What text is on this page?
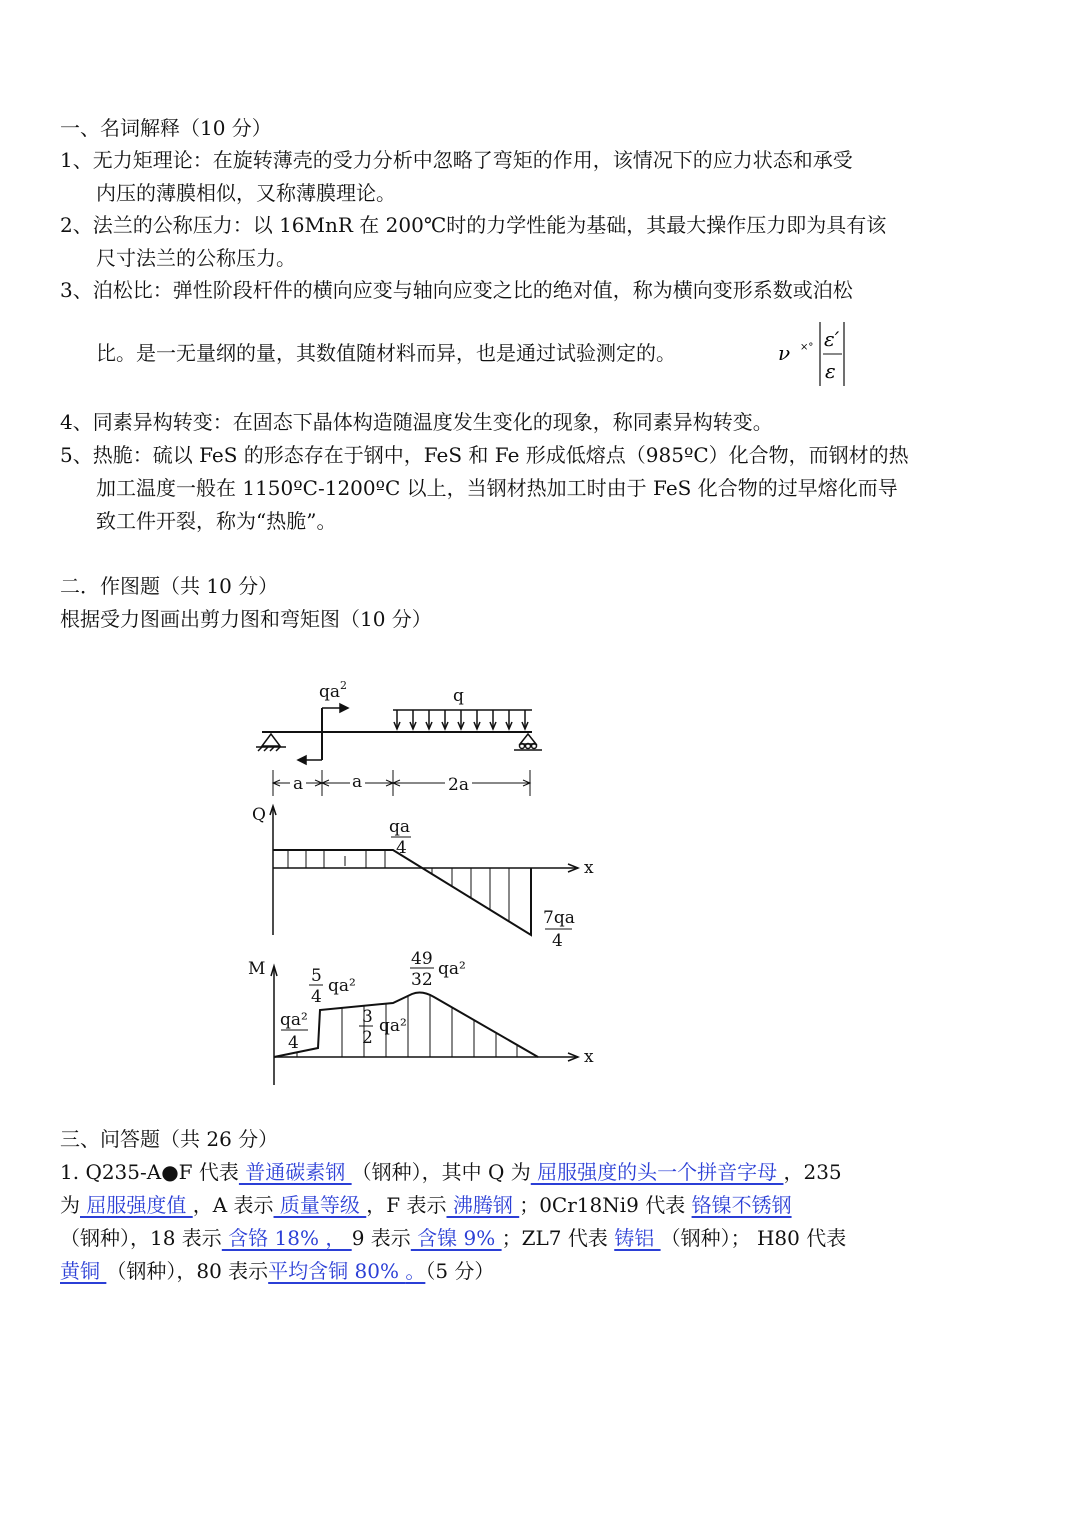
一、名词解释（10 分）
1、无力矩理论：在旋转薄壳的受力分析中忽略了弯矩的作用，该情况下的应力状态和承受
内压的薄膜相似，又称薄膜理论。
2、法兰的公称压力：以 16MnR 在 200℃时的力学性能为基础，其最大操作压力即为具有该
尺寸法兰的公称压力。
3、泊松比：弹性阶段杆件的横向应变与轴向应变之比的绝对值，称为横向变形系数或泊松
比。是一无量纲的量，其数值随材料而异，也是通过试验测定的。	ν ×° ε′
ε
4、同素异构转变：在固态下晶体构造随温度发生变化的现象，称同素异构转变。
5、热脆：硫以 FeS 的形态存在于钢中，FeS 和 Fe 形成低熔点（985ºC）化合物，而钢材的热
加工温度一般在 1150ºC-1200ºC 以上，当钢材热加工时由于 FeS 化合物的过早熔化而导
致工件开裂，称为“热脆”。
二．作图题（共 10 分）
根据受力图画出剪力图和弯矩图（10 分）
qa 2
q
a	a	2a
Q
x
qa
4
7qa
4
M
x
qa²
4
5
4
qa²
3
2
qa²
49
32
qa²
三、问答题（共 26 分）
1. Q235-A●F 代表 普通碳素钢 （钢种），其中 Q 为 屈服强度的头一个拼音字母 ，235
为 屈服强度值 ，A 表示 质量等级 ，F 表示 沸腾钢 ；0Cr18Ni9 代表 铬镍不锈钢
（钢种），18 表示 含铬 18% ， 9 表示 含镍 9% ；ZL7 代表 铸铝 （钢种）； H80 代表
黄铜 （钢种），80 表示平均含铜 80% 。（5 分）
